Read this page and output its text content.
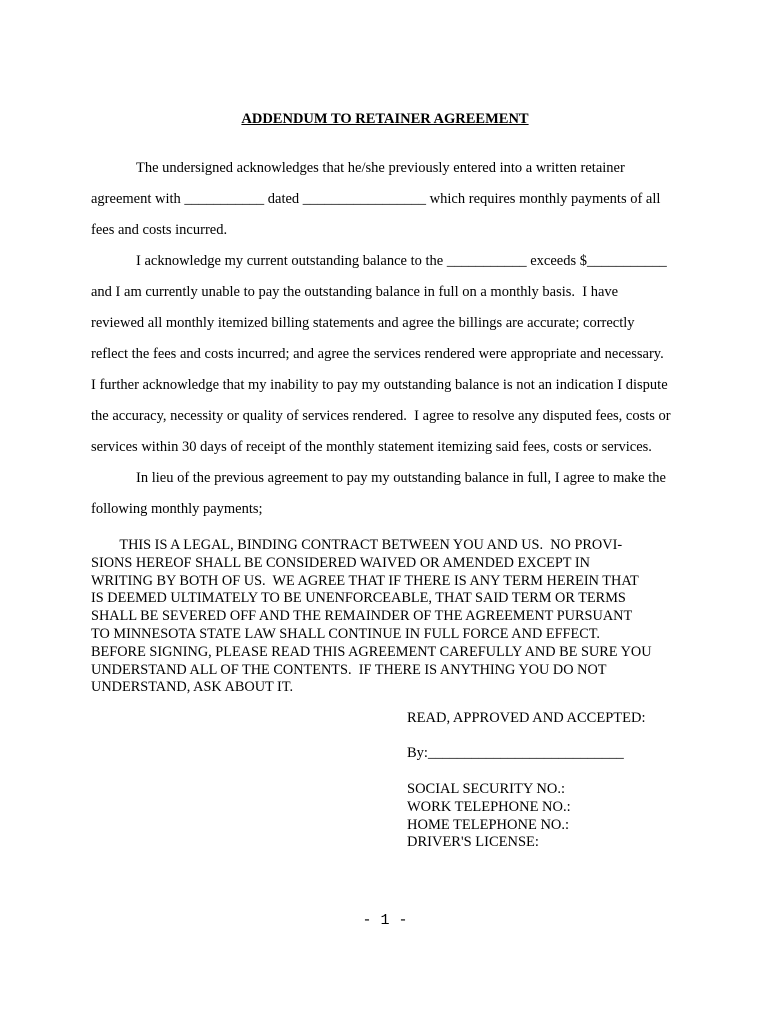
ADDENDUM TO RETAINER AGREEMENT
The undersigned acknowledges that he/she previously entered into a written retainer
agreement with ___________ dated _________________ which requires monthly payments of all
fees and costs incurred.
I acknowledge my current outstanding balance to the ___________ exceeds $___________
and I am currently unable to pay the outstanding balance in full on a monthly basis.  I have
reviewed all monthly itemized billing statements and agree the billings are accurate; correctly
reflect the fees and costs incurred; and agree the services rendered were appropriate and necessary.
I further acknowledge that my inability to pay my outstanding balance is not an indication I dispute
the accuracy, necessity or quality of services rendered.  I agree to resolve any disputed fees, costs or
services within 30 days of receipt of the monthly statement itemizing said fees, costs or services.
In lieu of the previous agreement to pay my outstanding balance in full, I agree to make the
following monthly payments;
THIS IS A LEGAL, BINDING CONTRACT BETWEEN YOU AND US.  NO PROVI-
SIONS HEREOF SHALL BE CONSIDERED WAIVED OR AMENDED EXCEPT IN
WRITING BY BOTH OF US.  WE AGREE THAT IF THERE IS ANY TERM HEREIN THAT
IS DEEMED ULTIMATELY TO BE UNENFORCEABLE, THAT SAID TERM OR TERMS
SHALL BE SEVERED OFF AND THE REMAINDER OF THE AGREEMENT PURSUANT
TO MINNESOTA STATE LAW SHALL CONTINUE IN FULL FORCE AND EFFECT.
BEFORE SIGNING, PLEASE READ THIS AGREEMENT CAREFULLY AND BE SURE YOU
UNDERSTAND ALL OF THE CONTENTS.  IF THERE IS ANYTHING YOU DO NOT
UNDERSTAND, ASK ABOUT IT.
READ, APPROVED AND ACCEPTED:
By:___________________________
SOCIAL SECURITY NO.:
WORK TELEPHONE NO.:
HOME TELEPHONE NO.:
DRIVER'S LICENSE:
- 1 -
